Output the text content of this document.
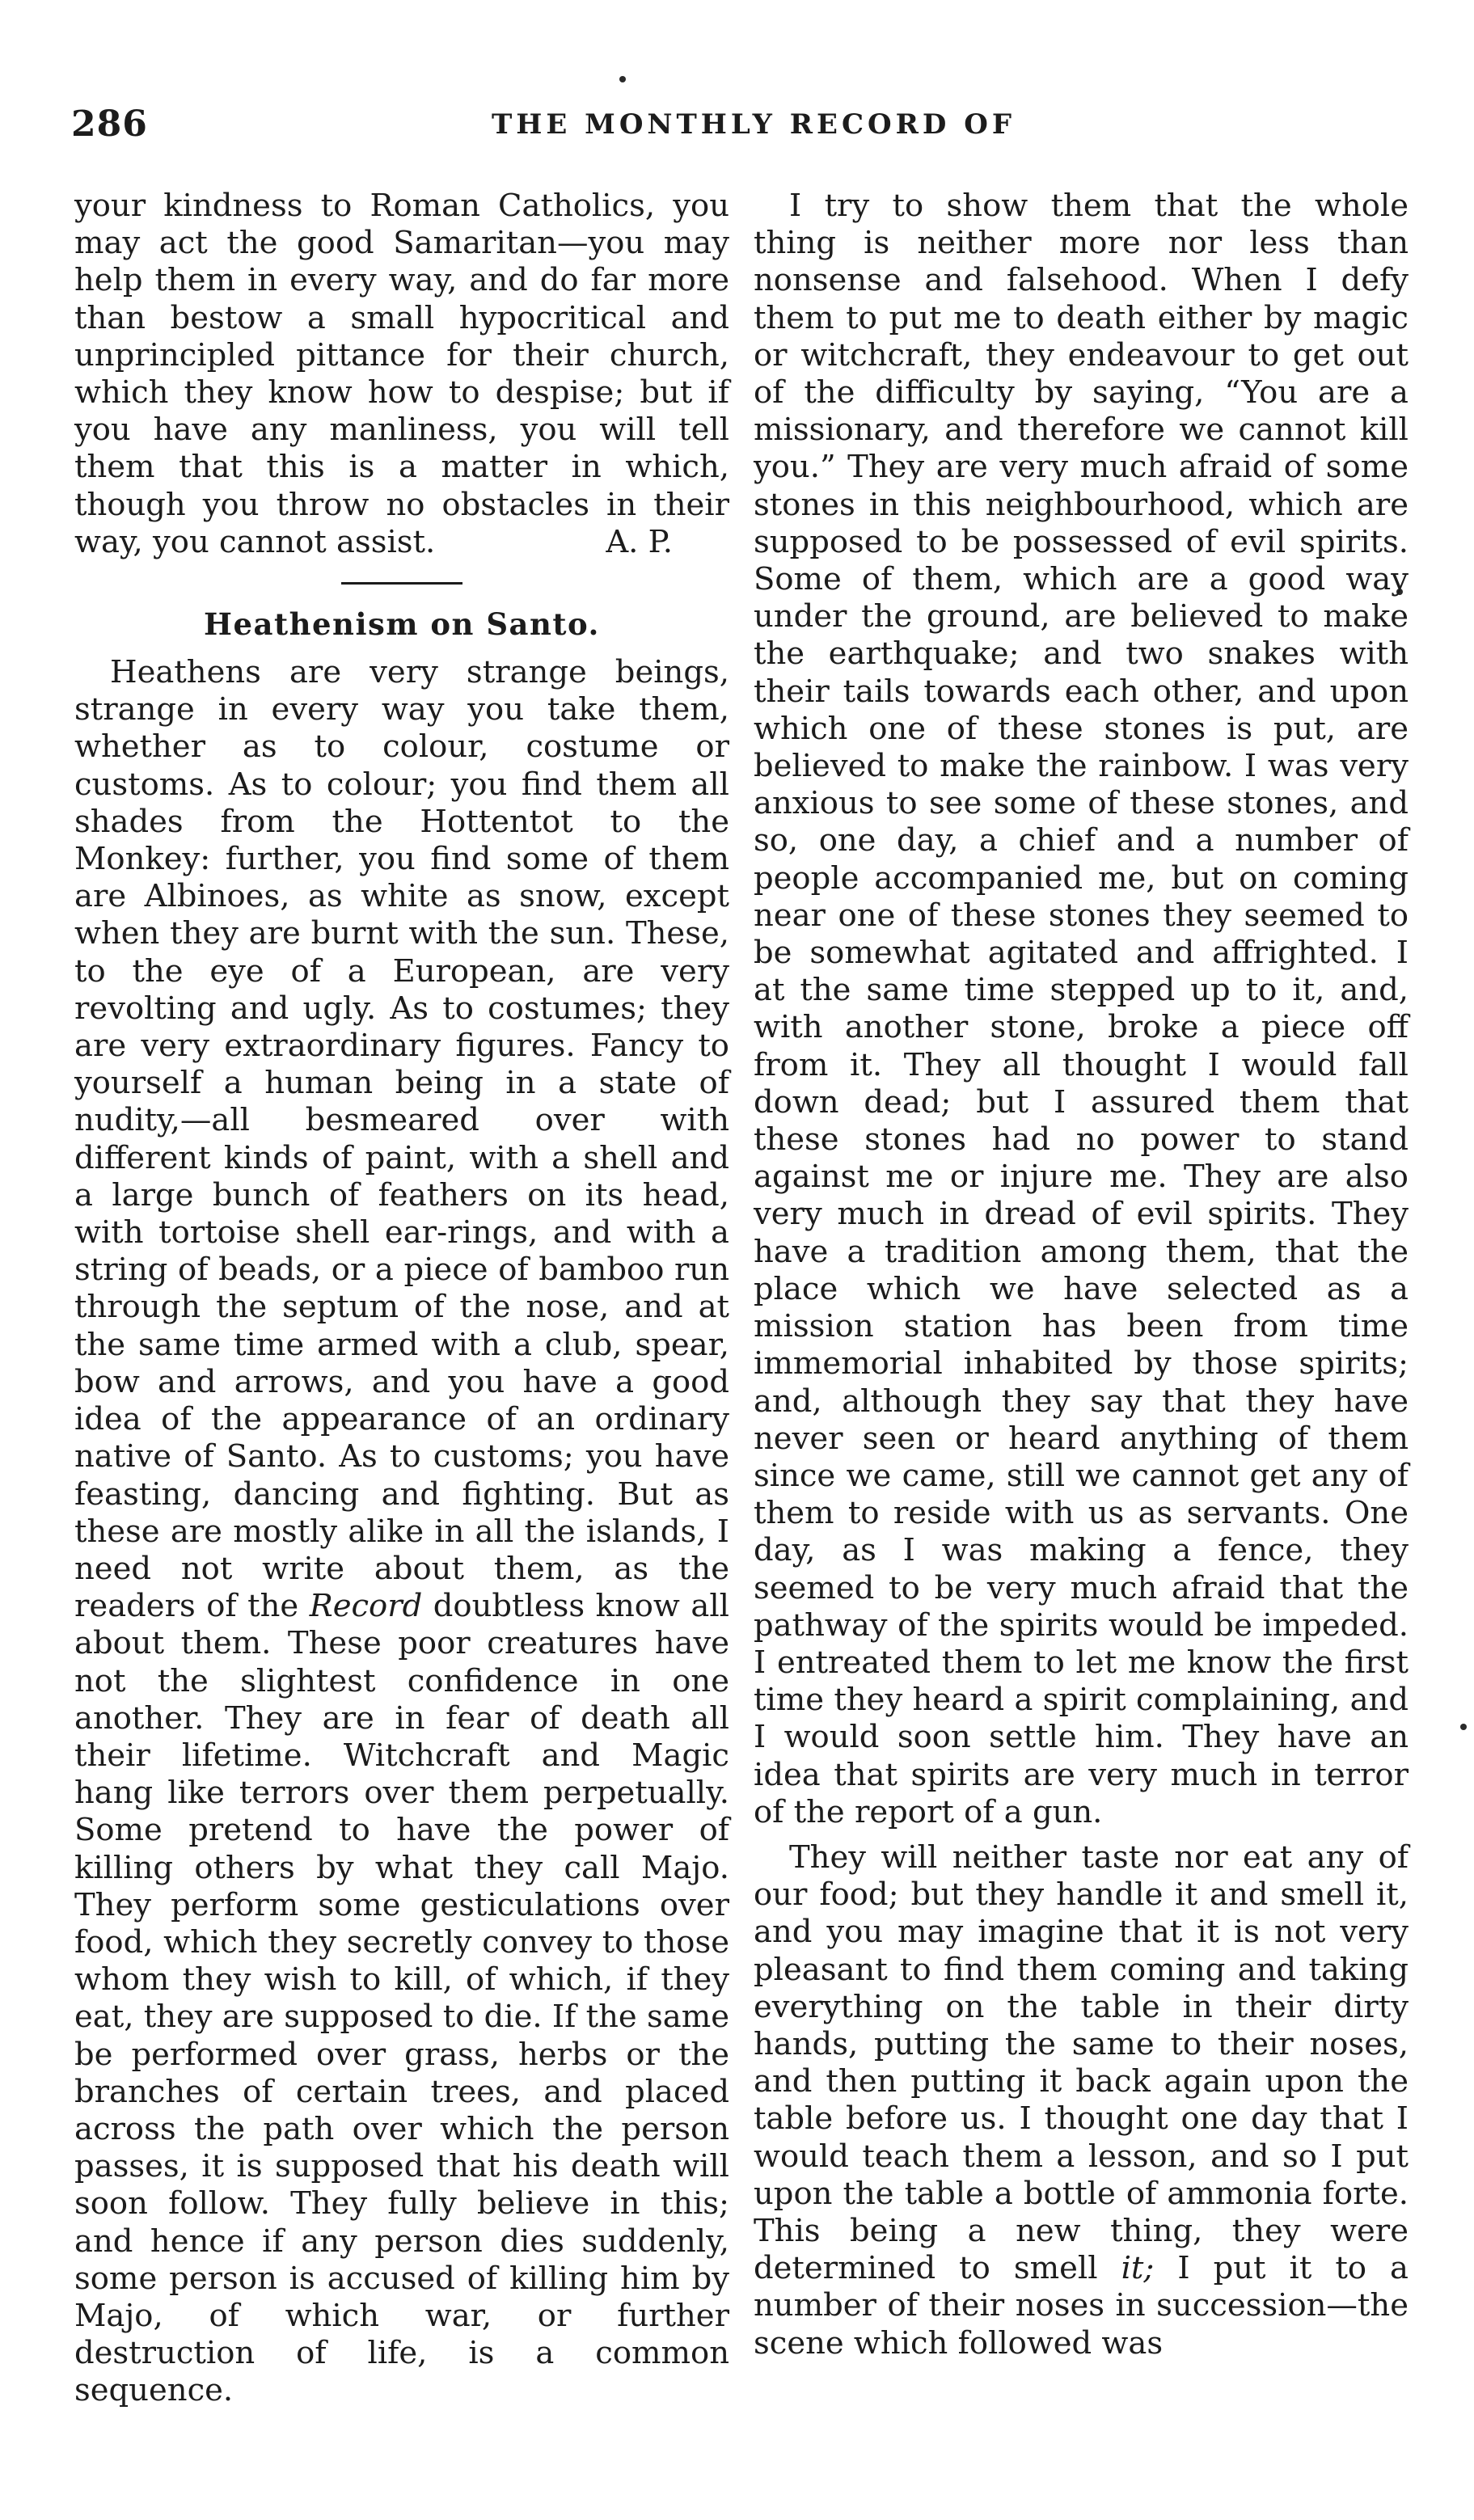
286	THE MONTHLY RECORD OF

your kindness to Roman Catholics, you may act the good Samaritan—you may help them in every way, and do far more than bestow a small hypocritical and unprincipled pittance for their church, which they know how to despise; but if you have any manliness, you will tell them that this is a matter in which, though you throw no obstacles in their way, you cannot assist.	A. P.

Heathenism on Santo.

Heathens are very strange beings, strange in every way you take them, whether as to colour, costume or customs. As to colour; you find them all shades from the Hottentot to the Monkey: further, you find some of them are Albinoes, as white as snow, except when they are burnt with the sun. These, to the eye of a European, are very revolting and ugly. As to costumes; they are very extraordinary figures. Fancy to yourself a human being in a state of nudity,—all besmeared over with different kinds of paint, with a shell and a large bunch of feathers on its head, with tortoise shell ear-rings, and with a string of beads, or a piece of bamboo run through the septum of the nose, and at the same time armed with a club, spear, bow and arrows, and you have a good idea of the appearance of an ordinary native of Santo. As to customs; you have feasting, dancing and fighting. But as these are mostly alike in all the islands, I need not write about them, as the readers of the Record doubtless know all about them. These poor creatures have not the slightest confidence in one another. They are in fear of death all their lifetime. Witchcraft and Magic hang like terrors over them perpetually. Some pretend to have the power of killing others by what they call Majo. They perform some gesticulations over food, which they secretly convey to those whom they wish to kill, of which, if they eat, they are supposed to die. If the same be performed over grass, herbs or the branches of certain trees, and placed across the path over which the person passes, it is supposed that his death will soon follow. They fully believe in this; and hence if any person dies suddenly, some person is accused of killing him by Majo, of which war, or further destruction of life, is a common sequence.

I try to show them that the whole thing is neither more nor less than nonsense and falsehood. When I defy them to put me to death either by magic or witchcraft, they endeavour to get out of the difficulty by saying, “You are a missionary, and therefore we cannot kill you.” They are very much afraid of some stones in this neighbourhood, which are supposed to be possessed of evil spirits. Some of them, which are a good way under the ground, are believed to make the earthquake; and two snakes with their tails towards each other, and upon which one of these stones is put, are believed to make the rainbow. I was very anxious to see some of these stones, and so, one day, a chief and a number of people accompanied me, but on coming near one of these stones they seemed to be somewhat agitated and affrighted. I at the same time stepped up to it, and, with another stone, broke a piece off from it. They all thought I would fall down dead; but I assured them that these stones had no power to stand against me or injure me. They are also very much in dread of evil spirits. They have a tradition among them, that the place which we have selected as a mission station has been from time immemorial inhabited by those spirits; and, although they say that they have never seen or heard anything of them since we came, still we cannot get any of them to reside with us as servants. One day, as I was making a fence, they seemed to be very much afraid that the pathway of the spirits would be impeded. I entreated them to let me know the first time they heard a spirit complaining, and I would soon settle him. They have an idea that spirits are very much in terror of the report of a gun.

They will neither taste nor eat any of our food; but they handle it and smell it, and you may imagine that it is not very pleasant to find them coming and taking everything on the table in their dirty hands, putting the same to their noses, and then putting it back again upon the table before us. I thought one day that I would teach them a lesson, and so I put upon the table a bottle of ammonia forte. This being a new thing, they were determined to smell it; I put it to a number of their noses in succession—the scene which followed was
